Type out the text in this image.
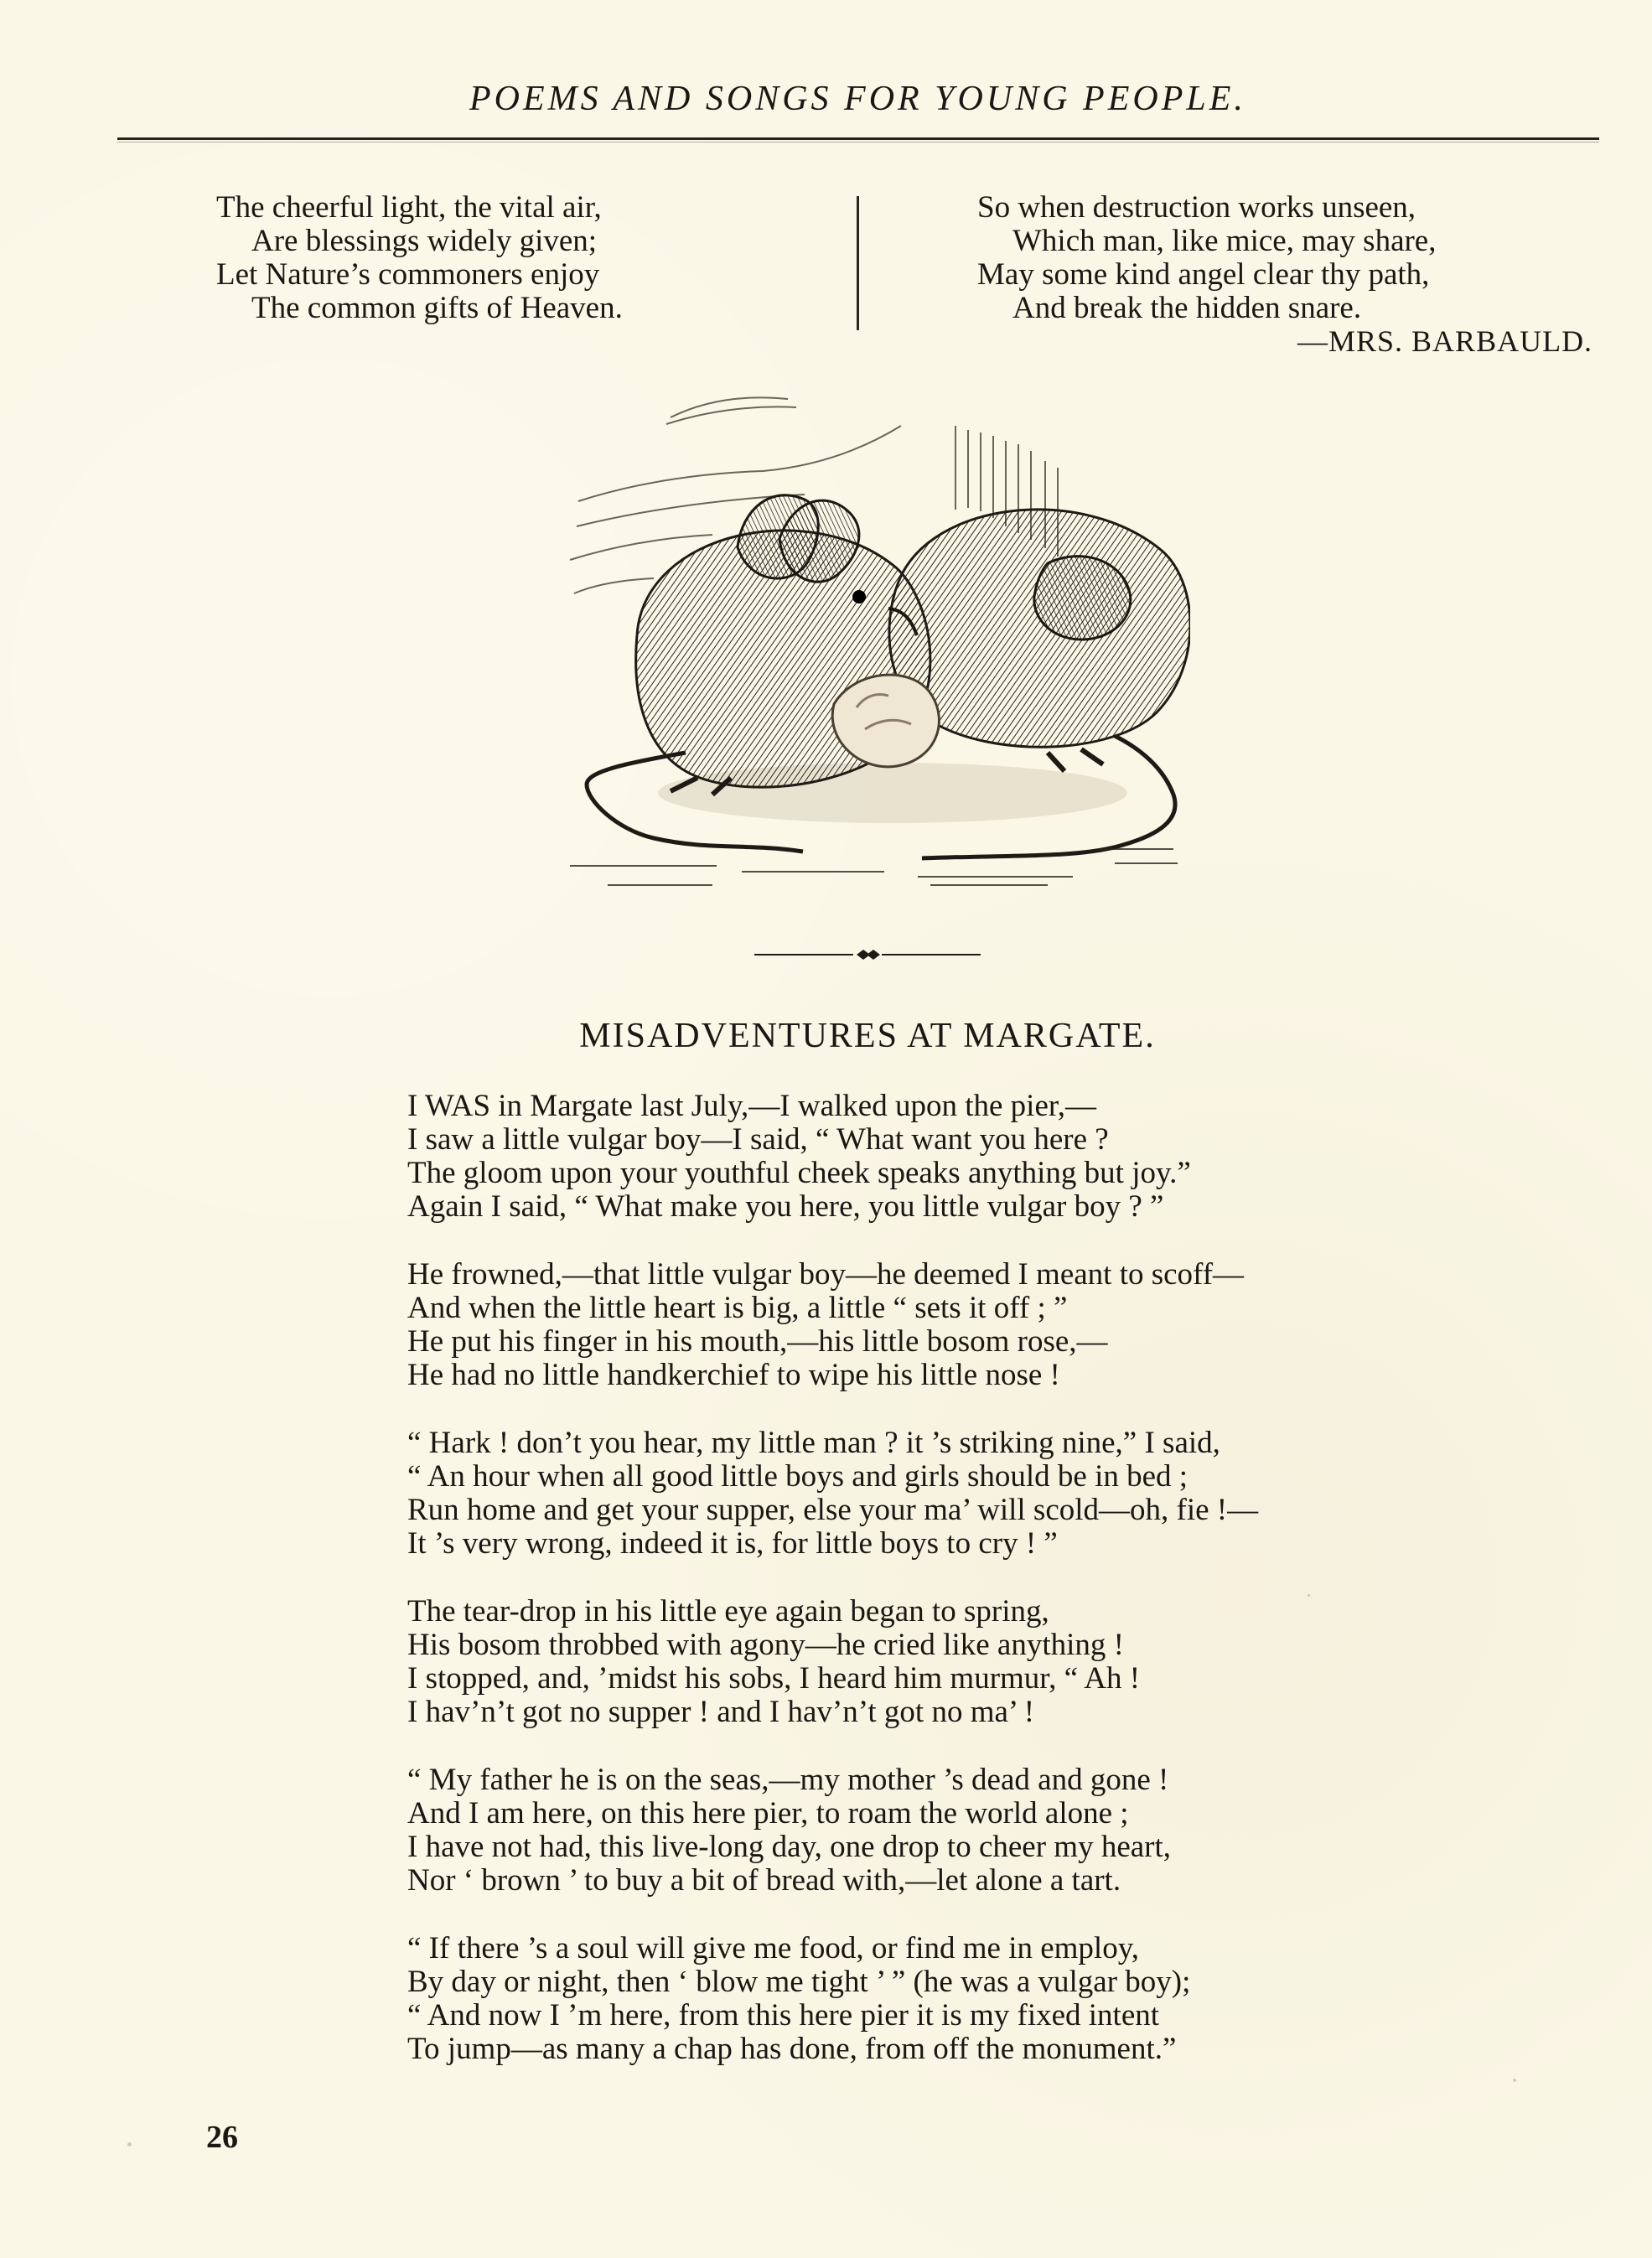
POEMS AND SONGS FOR YOUNG PEOPLE.
The cheerful light, the vital air,
Are blessings widely given;
Let Nature’s commoners enjoy
The common gifts of Heaven.
So when destruction works unseen,
Which man, like mice, may share,
May some kind angel clear thy path,
And break the hidden snare.
—MRS. BARBAULD.
MISADVENTURES AT MARGATE.
I WAS in Margate last July,—I walked upon the pier,—
I saw a little vulgar boy—I said, “ What want you here ?
The gloom upon your youthful cheek speaks anything but joy.”
Again I said, “ What make you here, you little vulgar boy ? ”
He frowned,—that little vulgar boy—he deemed I meant to scoff—
And when the little heart is big, a little “ sets it off ; ”
He put his finger in his mouth,—his little bosom rose,—
He had no little handkerchief to wipe his little nose !
“ Hark ! don’t you hear, my little man ? it ’s striking nine,” I said,
“ An hour when all good little boys and girls should be in bed ;
Run home and get your supper, else your ma’ will scold—oh, fie !—
It ’s very wrong, indeed it is, for little boys to cry ! ”
The tear-drop in his little eye again began to spring,
His bosom throbbed with agony—he cried like anything !
I stopped, and, ’midst his sobs, I heard him murmur, “ Ah !
I hav’n’t got no supper ! and I hav’n’t got no ma’ !
“ My father he is on the seas,—my mother ’s dead and gone !
And I am here, on this here pier, to roam the world alone ;
I have not had, this live-long day, one drop to cheer my heart,
Nor ‘ brown ’ to buy a bit of bread with,—let alone a tart.
“ If there ’s a soul will give me food, or find me in employ,
By day or night, then ‘ blow me tight ’ ” (he was a vulgar boy);
“ And now I ’m here, from this here pier it is my fixed intent
To jump—as many a chap has done, from off the monument.”
26
